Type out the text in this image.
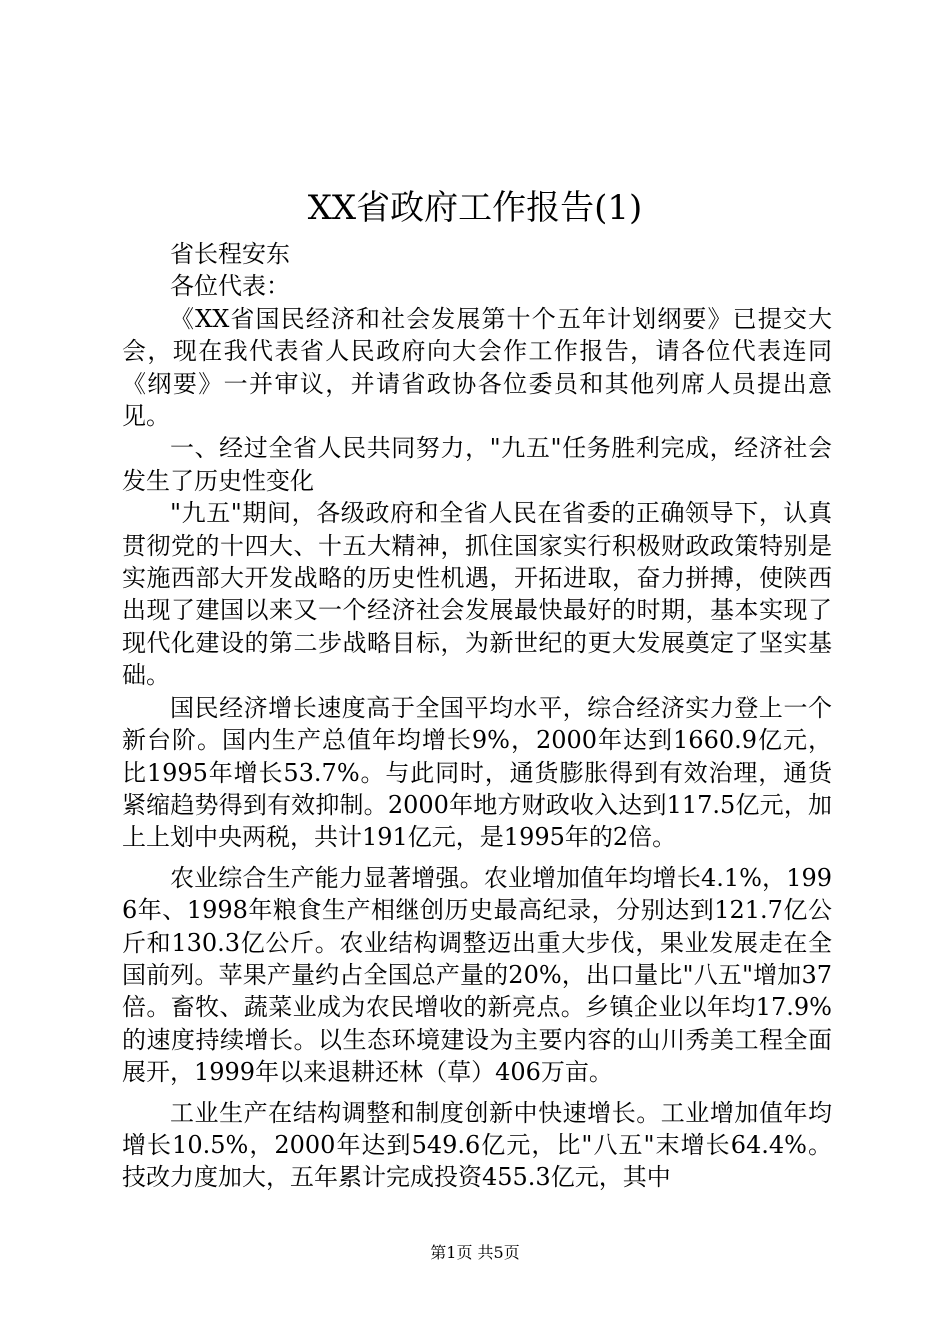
XX省政府工作报告(1)

省长程安东

各位代表：

《XX省国民经济和社会发展第十个五年计划纲要》已提交大会，现在我代表省人民政府向大会作工作报告，请各位代表连同《纲要》一并审议，并请省政协各位委员和其他列席人员提出意见。

一、经过全省人民共同努力，"九五"任务胜利完成，经济社会发生了历史性变化

"九五"期间，各级政府和全省人民在省委的正确领导下，认真贯彻党的十四大、十五大精神，抓住国家实行积极财政政策特别是实施西部大开发战略的历史性机遇，开拓进取，奋力拼搏，使陕西出现了建国以来又一个经济社会发展最快最好的时期，基本实现了现代化建设的第二步战略目标，为新世纪的更大发展奠定了坚实基础。

国民经济增长速度高于全国平均水平，综合经济实力登上一个新台阶。国内生产总值年均增长9%，2000年达到1660.9亿元，比1995年增长53.7%。与此同时，通货膨胀得到有效治理，通货紧缩趋势得到有效抑制。2000年地方财政收入达到117.5亿元，加上上划中央两税，共计191亿元，是1995年的2倍。

农业综合生产能力显著增强。农业增加值年均增长4.1%，1996年、1998年粮食生产相继创历史最高纪录，分别达到121.7亿公斤和130.3亿公斤。农业结构调整迈出重大步伐，果业发展走在全国前列。苹果产量约占全国总产量的20%，出口量比"八五"增加37倍。畜牧、蔬菜业成为农民增收的新亮点。乡镇企业以年均17.9%的速度持续增长。以生态环境建设为主要内容的山川秀美工程全面展开，1999年以来退耕还林（草）406万亩。

工业生产在结构调整和制度创新中快速增长。工业增加值年均增长10.5%，2000年达到549.6亿元，比"八五"末增长64.4%。技改力度加大，五年累计完成投资455.3亿元，其中

第1页 共5页
